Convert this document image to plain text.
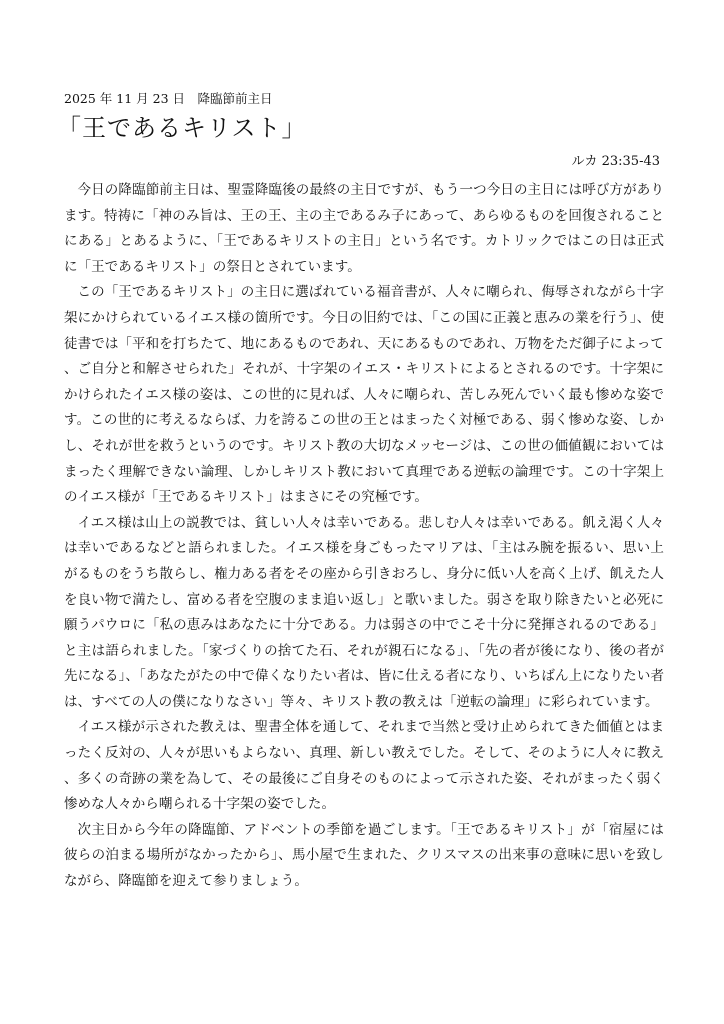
2025 年 11 月 23 日　降臨節前主日
「王であるキリスト」
ルカ 23:35-43

今日の降臨節前主日は、聖霊降臨後の最終の主日ですが、もう一つ今日の主日には呼び方があります。特祷に「神のみ旨は、王の王、主の主であるみ子にあって、あらゆるものを回復されることにある」とあるように、「王であるキリストの主日」という名です。カトリックではこの日は正式に「王であるキリスト」の祭日とされています。

この「王であるキリスト」の主日に選ばれている福音書が、人々に嘲られ、侮辱されながら十字架にかけられているイエス様の箇所です。今日の旧約では、「この国に正義と恵みの業を行う」、使徒書では「平和を打ちたて、地にあるものであれ、天にあるものであれ、万物をただ御子によって、ご自分と和解させられた」それが、十字架のイエス・キリストによるとされるのです。十字架にかけられたイエス様の姿は、この世的に見れば、人々に嘲られ、苦しみ死んでいく最も惨めな姿です。この世的に考えるならば、力を誇るこの世の王とはまったく対極である、弱く惨めな姿、しかし、それが世を救うというのです。キリスト教の大切なメッセージは、この世の価値観においてはまったく理解できない論理、しかしキリスト教において真理である逆転の論理です。この十字架上のイエス様が「王であるキリスト」はまさにその究極です。

イエス様は山上の説教では、貧しい人々は幸いである。悲しむ人々は幸いである。飢え渇く人々は幸いであるなどと語られました。イエス様を身ごもったマリアは、「主はみ腕を振るい、思い上がるものをうち散らし、権力ある者をその座から引きおろし、身分に低い人を高く上げ、飢えた人を良い物で満たし、富める者を空腹のまま追い返し」と歌いました。弱さを取り除きたいと必死に願うパウロに「私の恵みはあなたに十分である。力は弱さの中でこそ十分に発揮されるのである」と主は語られました。「家づくりの捨てた石、それが親石になる」、「先の者が後になり、後の者が先になる」、「あなたがたの中で偉くなりたい者は、皆に仕える者になり、いちばん上になりたい者は、すべての人の僕になりなさい」等々、キリスト教の教えは「逆転の論理」に彩られています。

イエス様が示された教えは、聖書全体を通して、それまで当然と受け止められてきた価値とはまったく反対の、人々が思いもよらない、真理、新しい教えでした。そして、そのように人々に教え、多くの奇跡の業を為して、その最後にご自身そのものによって示された姿、それがまったく弱く惨めな人々から嘲られる十字架の姿でした。

次主日から今年の降臨節、アドベントの季節を過ごします。「王であるキリスト」が「宿屋には彼らの泊まる場所がなかったから」、馬小屋で生まれた、クリスマスの出来事の意味に思いを致しながら、降臨節を迎えて参りましょう。
